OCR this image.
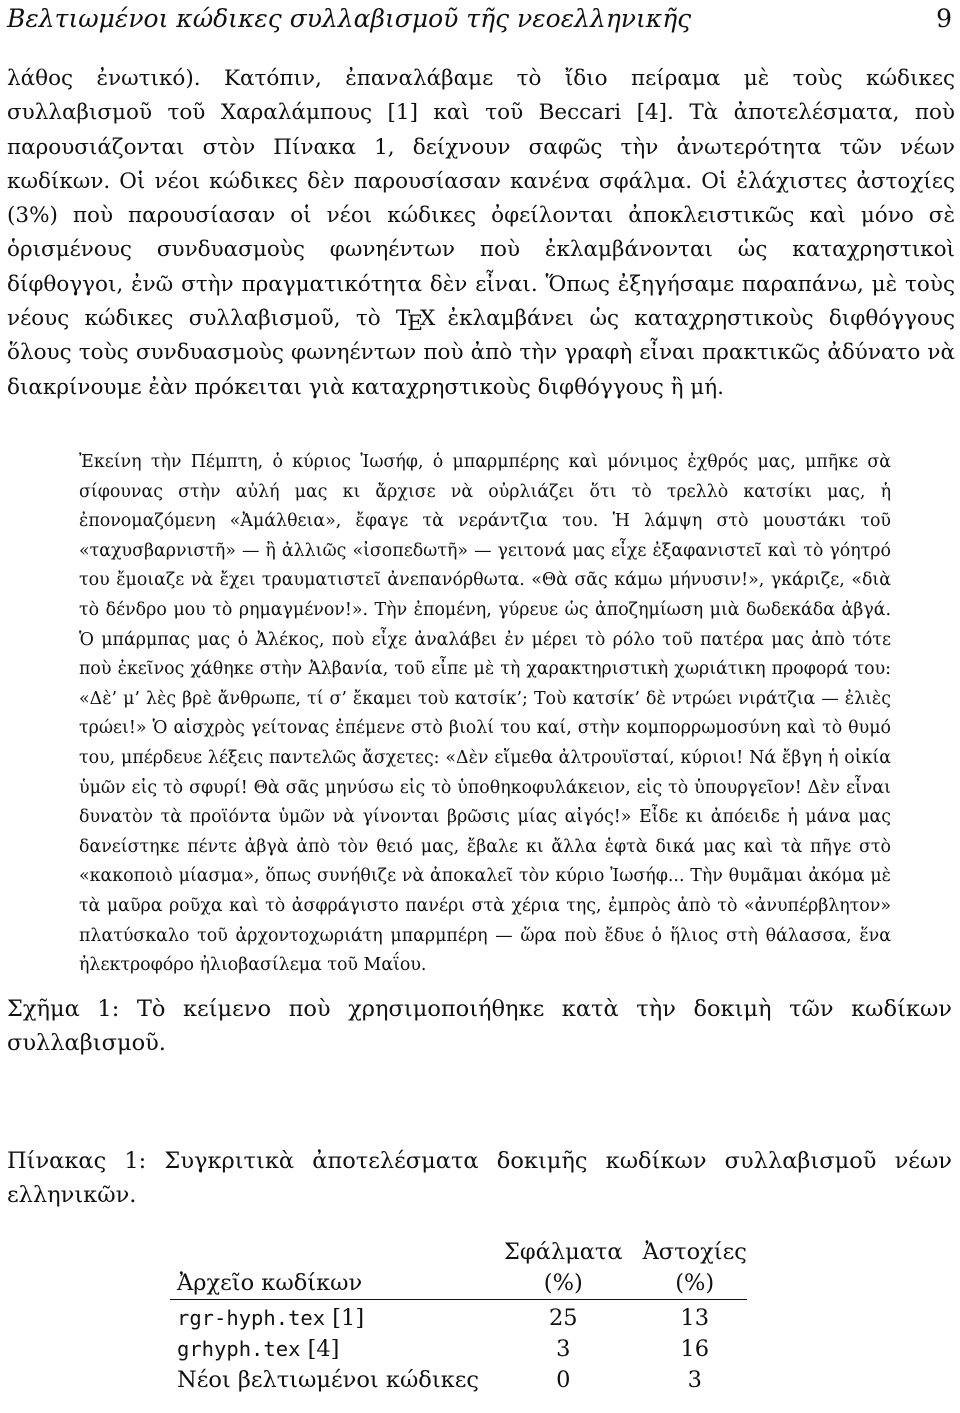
Βελτιωμένοι κώδικες συλλαβισμοῦ τῆς νεοελληνικῆς	9

λάθος ἐνωτικό). Κατόπιν, ἐπαναλάβαμε τὸ ἴδιο πείραμα μὲ τοὺς κώδικες συλλαβισμοῦ τοῦ Χαραλάμπους [1] καὶ τοῦ Beccari [4]. Τὰ ἀποτελέσματα, ποὺ παρουσιάζονται στὸν Πίνακα 1, δείχνουν σαφῶς τὴν ἀνωτερότητα τῶν νέων κωδίκων. Οἱ νέοι κώδικες δὲν παρουσίασαν κανένα σφάλμα. Οἱ ἐλάχιστες ἀστοχίες (3%) ποὺ παρουσίασαν οἱ νέοι κώδικες ὀφείλονται ἀποκλειστικῶς καὶ μόνο σὲ ὁρισμένους συνδυασμοὺς φωνηέντων ποὺ ἐκλαμβάνονται ὡς καταχρηστικοὶ δίφθογγοι, ἐνῶ στὴν πραγματικότητα δὲν εἶναι. Ὅπως ἐξηγήσαμε παραπάνω, μὲ τοὺς νέους κώδικες συλλαβισμοῦ, τὸ TEX ἐκλαμβάνει ὡς καταχρηστικοὺς διφθόγγους ὅλους τοὺς συνδυασμοὺς φωνηέντων ποὺ ἀπὸ τὴν γραφὴ εἶναι πρακτικῶς ἀδύνατο νὰ διακρίνουμε ἐὰν πρόκειται γιὰ καταχρηστικοὺς διφθόγγους ἢ μή.

Ἐκείνη τὴν Πέμπτη, ὁ κύριος Ἰωσήφ, ὁ μπαρμπέρης καὶ μόνιμος ἐχθρός μας, μπῆκε σὰ σίφουνας στὴν αὐλή μας κι ἄρχισε νὰ οὐρλιάζει ὅτι τὸ τρελλὸ κατσίκι μας, ἡ ἐπονομαζόμενη «Ἀμάλθεια», ἔφαγε τὰ νεράντζια του. Ἡ λάμψη στὸ μουστάκι τοῦ «ταχυσβαρνιστῆ» — ἢ ἀλλιῶς «ἰσοπεδωτῆ» — γειτονά μας εἶχε ἐξαφανιστεῖ καὶ τὸ γόητρό του ἔμοιαζε νὰ ἔχει τραυματιστεῖ ἀνεπανόρθωτα. «Θὰ σᾶς κάμω μήνυσιν!», γκάριζε, «διὰ τὸ δένδρο μου τὸ ρημαγμένον!». Τὴν ἐπομένη, γύρευε ὡς ἀποζημίωση μιὰ δωδεκάδα ἀβγά. Ὁ μπάρμπας μας ὁ Ἀλέκος, ποὺ εἶχε ἀναλάβει ἐν μέρει τὸ ρόλο τοῦ πατέρα μας ἀπὸ τότε ποὺ ἐκεῖνος χάθηκε στὴν Ἀλβανία, τοῦ εἶπε μὲ τὴ χαρακτηριστικὴ χωριάτικη προφορά του: «Δὲ’ μ’ λὲς βρὲ ἄνθρωπε, τί σ’ ἔκαμει τοὺ κατσίκ’; Τοὺ κατσίκ’ δὲ ντρώει νιράτζια — ἐλιὲς τρώει!» Ὁ αἰσχρὸς γείτονας ἐπέμενε στὸ βιολί του καί, στὴν κομπορρωμοσύνη καὶ τὸ θυμό του, μπέρδευε λέξεις παντελῶς ἄσχετες: «Δὲν εἴμεθα ἀλτρουϊσταί, κύριοι! Νά ἔβγη ἡ οἰκία ὑμῶν εἰς τὸ σφυρί! Θὰ σᾶς μηνύσω εἰς τὸ ὑποθηκοφυλάκειον, εἰς τὸ ὑπουργεῖον! Δὲν εἶναι δυνατὸν τὰ προϊόντα ὑμῶν νὰ γίνονται βρῶσις μίας αἰγός!» Εἶδε κι ἀπόειδε ἡ μάνα μας δανείστηκε πέντε ἀβγὰ ἀπὸ τὸν θειό μας, ἔβαλε κι ἄλλα ἑφτὰ δικά μας καὶ τὰ πῆγε στὸ «κακοποιὸ μίασμα», ὅπως συνήθιζε νὰ ἀποκαλεῖ τὸν κύριο Ἰωσήφ... Τὴν θυμᾶμαι ἀκόμα μὲ τὰ μαῦρα ροῦχα καὶ τὸ ἀσφράγιστο πανέρι στὰ χέρια της, ἐμπρὸς ἀπὸ τὸ «ἀνυπέρβλητον» πλατύσκαλο τοῦ ἀρχοντοχωριάτη μπαρμπέρη — ὥρα ποὺ ἔδυε ὁ ἥλιος στὴ θάλασσα, ἕνα ἠλεκτροφόρο ἠλιοβασίλεμα τοῦ Μαΐου.

Σχῆμα 1: Τὸ κείμενο ποὺ χρησιμοποιήθηκε κατὰ τὴν δοκιμὴ τῶν κωδίκων συλλαβισμοῦ.
Πίνακας 1: Συγκριτικὰ ἀποτελέσματα δοκιμῆς κωδίκων συλλαβισμοῦ νέων ελληνικῶν.
	Σφάλματα	Ἀστοχίες
Ἀρχεῖο κωδίκων	(%)	(%)
rgr-hyph.tex [1]	25	13
grhyph.tex [4]	3	16
Νέοι βελτιωμένοι κώδικες	0	3
